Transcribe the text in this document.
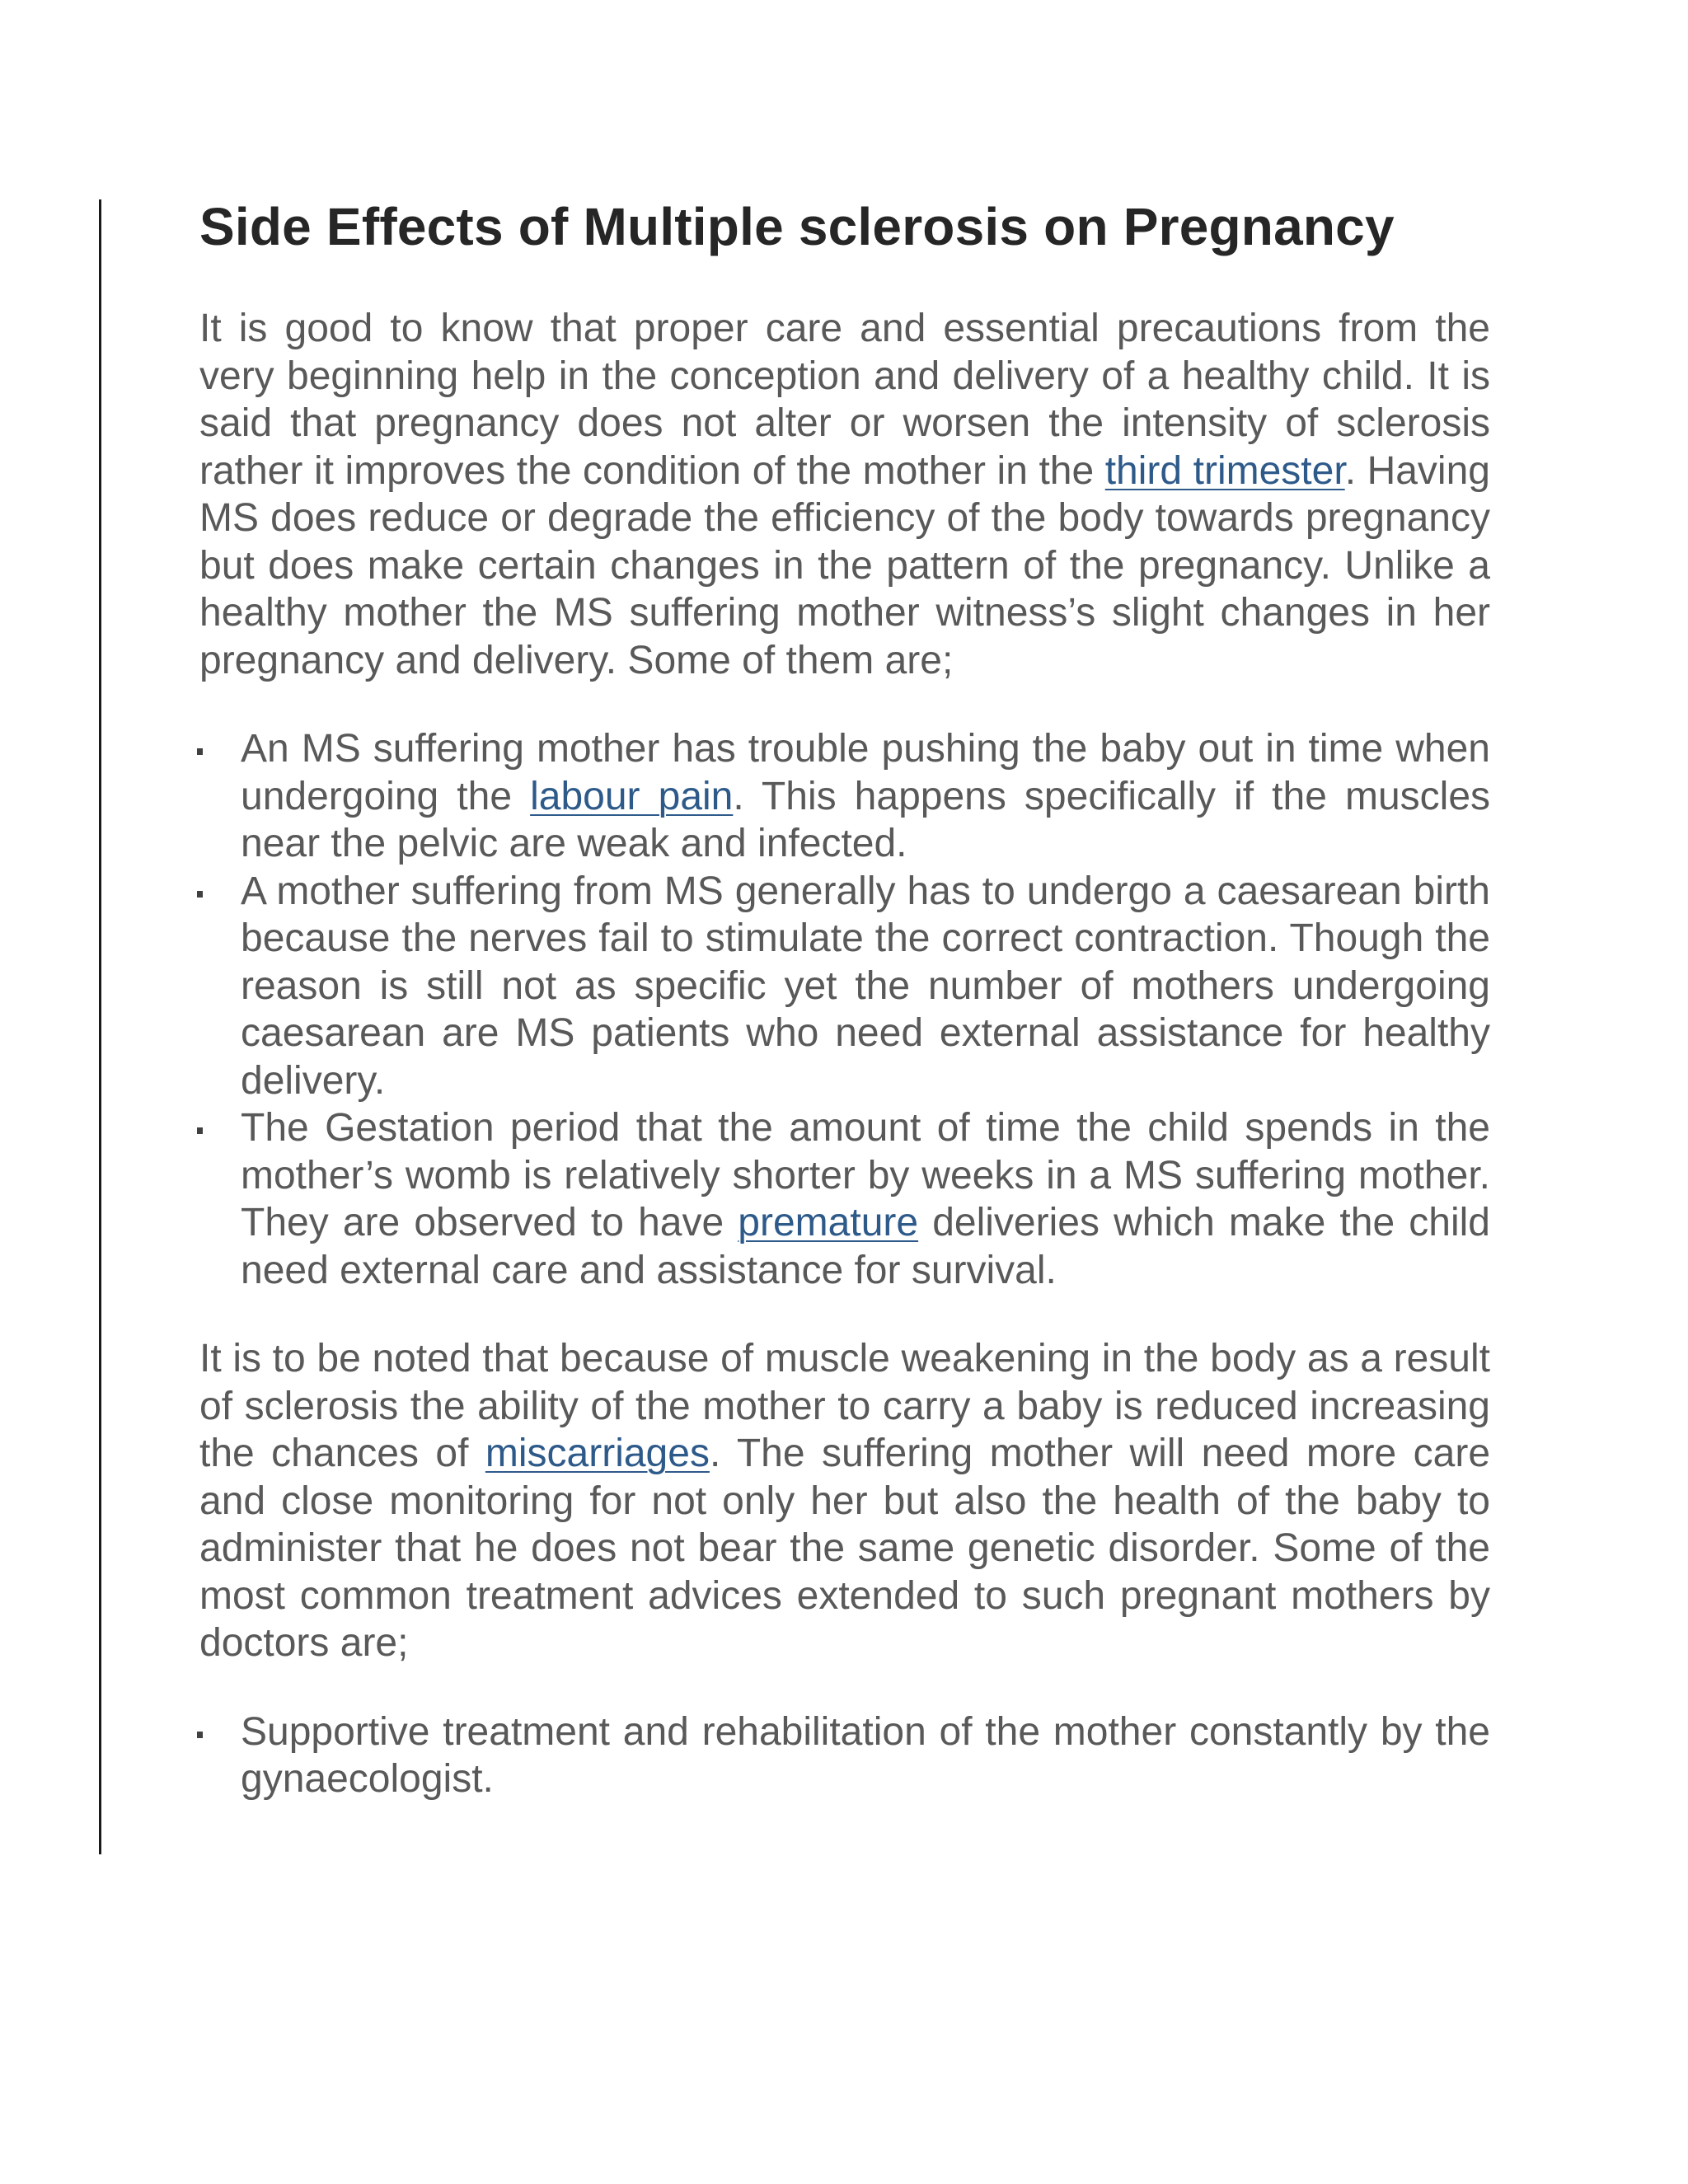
Side Effects of Multiple sclerosis on Pregnancy

It is good to know that proper care and essential precautions from the very beginning help in the conception and delivery of a healthy child. It is said that pregnancy does not alter or worsen the intensity of sclerosis rather it improves the condition of the mother in the third trimester. Having MS does reduce or degrade the efficiency of the body towards pregnancy but does make certain changes in the pattern of the pregnancy. Unlike a healthy mother the MS suffering mother witness’s slight changes in her pregnancy and delivery. Some of them are;

An MS suffering mother has trouble pushing the baby out in time when undergoing the labour pain. This happens specifically if the muscles near the pelvic are weak and infected.
A mother suffering from MS generally has to undergo a caesarean birth because the nerves fail to stimulate the correct contraction. Though the reason is still not as specific yet the number of mothers undergoing caesarean are MS patients who need external assistance for healthy delivery.
The Gestation period that the amount of time the child spends in the mother’s womb is relatively shorter by weeks in a MS suffering mother. They are observed to have premature deliveries which make the child need external care and assistance for survival.

It is to be noted that because of muscle weakening in the body as a result of sclerosis the ability of the mother to carry a baby is reduced increasing the chances of miscarriages. The suffering mother will need more care and close monitoring for not only her but also the health of the baby to administer that he does not bear the same genetic disorder. Some of the most common treatment advices extended to such pregnant mothers by doctors are;

Supportive treatment and rehabilitation of the mother constantly by the gynaecologist.
